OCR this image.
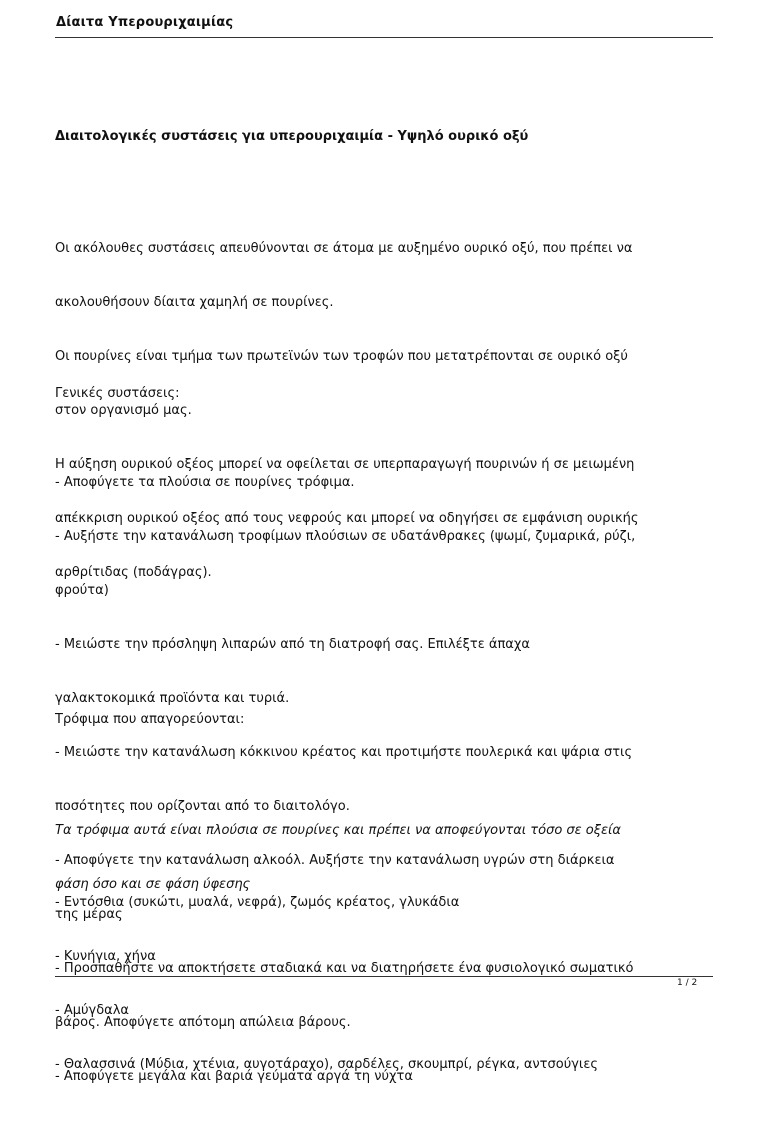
Δίαιτα Υπερουριχαιμίας
Διαιτολογικές συστάσεις για υπερουριχαιμία - Υψηλό ουρικό οξύ

Οι ακόλουθες συστάσεις απευθύνονται σε άτομα με αυξημένο ουρικό οξύ, που πρέπει να

ακολουθήσουν δίαιτα χαμηλή σε πουρίνες.

Οι πουρίνες είναι τμήμα των πρωτεϊνών των τροφών που μετατρέπονται σε ουρικό οξύ

στον οργανισμό μας.

Η αύξηση ουρικού οξέος μπορεί να οφείλεται σε υπερπαραγωγή πουρινών ή σε μειωμένη

απέκκριση ουρικού οξέος από τους νεφρούς και μπορεί να οδηγήσει σε εμφάνιση ουρικής

αρθρίτιδας (ποδάγρας).

Γενικές συστάσεις:

- Αποφύγετε τα πλούσια σε πουρίνες τρόφιμα.

- Αυξήστε την κατανάλωση τροφίμων πλούσιων σε υδατάνθρακες (ψωμί, ζυμαρικά, ρύζι,

φρούτα)

- Μειώστε την πρόσληψη λιπαρών από τη διατροφή σας. Επιλέξτε άπαχα

γαλακτοκομικά προϊόντα και τυριά.

- Μειώστε την κατανάλωση κόκκινου κρέατος και προτιμήστε πουλερικά και ψάρια στις

ποσότητες που ορίζονται από το διαιτολόγο.

- Αποφύγετε την κατανάλωση αλκοόλ. Αυξήστε την κατανάλωση υγρών στη διάρκεια

της μέρας

- Προσπαθήστε να αποκτήσετε σταδιακά και να διατηρήσετε ένα φυσιολογικό σωματικό

βάρος. Αποφύγετε απότομη απώλεια βάρους.

- Αποφύγετε μεγάλα και βαριά γεύματα αργά τη νύχτα

Τρόφιμα που απαγορεύονται:

Τα τρόφιμα αυτά είναι πλούσια σε πουρίνες και πρέπει να αποφεύγονται τόσο σε οξεία

φάση όσο και σε φάση ύφεσης

- Εντόσθια (συκώτι, μυαλά, νεφρά), ζωμός κρέατος, γλυκάδια

- Κυνήγια, χήνα

- Αμύγδαλα

- Θαλασσινά (Μύδια, χτένια, αυγοτάραχο), σαρδέλες, σκουμπρί, ρέγκα, αντσούγιες

1 / 2
